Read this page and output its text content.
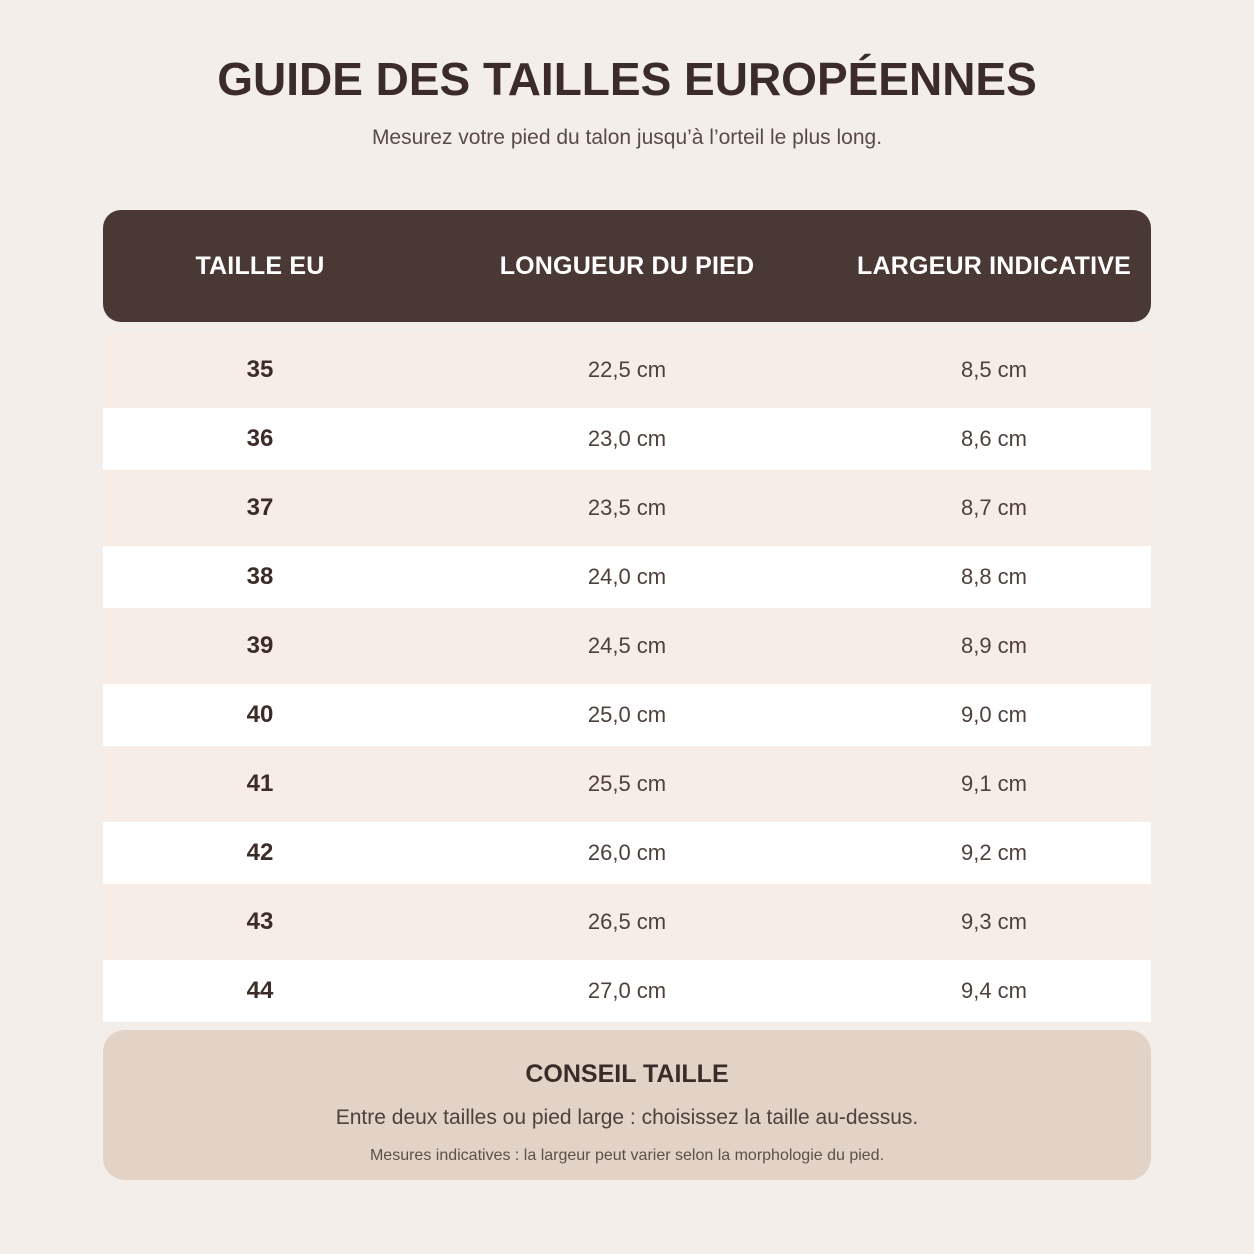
GUIDE DES TAILLES EUROPÉENNES

Mesurez votre pied du talon jusqu’à l’orteil le plus long.

TAILLE EU	LONGUEUR DU PIED	LARGEUR INDICATIVE
35	22,5 cm	8,5 cm
36	23,0 cm	8,6 cm
37	23,5 cm	8,7 cm
38	24,0 cm	8,8 cm
39	24,5 cm	8,9 cm
40	25,0 cm	9,0 cm
41	25,5 cm	9,1 cm
42	26,0 cm	9,2 cm
43	26,5 cm	9,3 cm
44	27,0 cm	9,4 cm
CONSEIL TAILLE
Entre deux tailles ou pied large : choisissez la taille au-dessus.
Mesures indicatives : la largeur peut varier selon la morphologie du pied.
